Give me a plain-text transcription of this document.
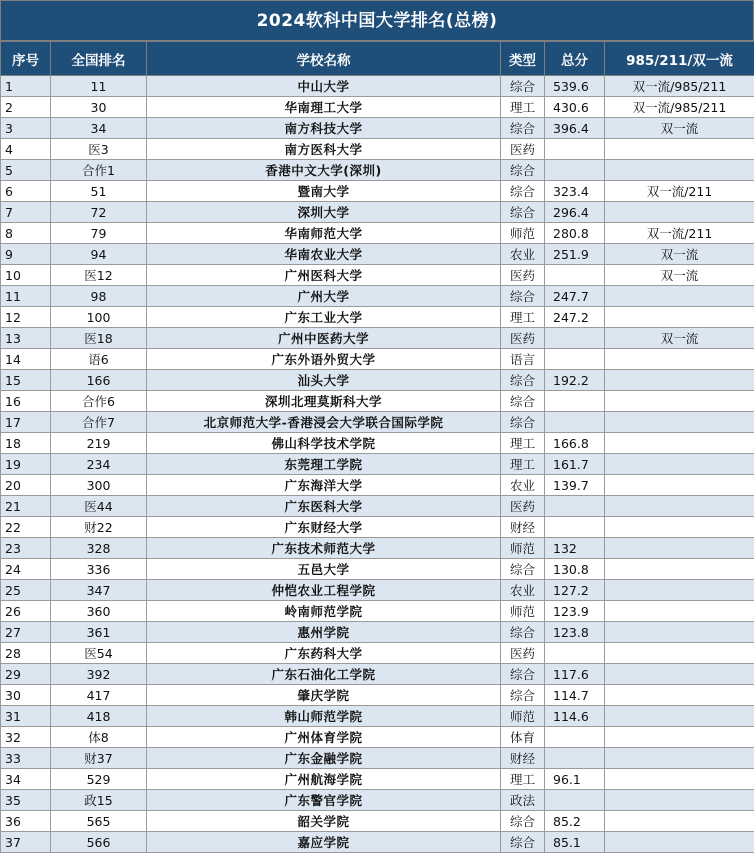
2024软科中国大学排名(总榜)
序号	全国排名	学校名称	类型	总分	985/211/双一流
1	11	中山大学	综合	539.6	双一流/985/211
2	30	华南理工大学	理工	430.6	双一流/985/211
3	34	南方科技大学	综合	396.4	双一流
4	医3	南方医科大学	医药		
5	合作1	香港中文大学(深圳)	综合		
6	51	暨南大学	综合	323.4	双一流/211
7	72	深圳大学	综合	296.4	
8	79	华南师范大学	师范	280.8	双一流/211
9	94	华南农业大学	农业	251.9	双一流
10	医12	广州医科大学	医药		双一流
11	98	广州大学	综合	247.7	
12	100	广东工业大学	理工	247.2	
13	医18	广州中医药大学	医药		双一流
14	语6	广东外语外贸大学	语言		
15	166	汕头大学	综合	192.2	
16	合作6	深圳北理莫斯科大学	综合		
17	合作7	北京师范大学-香港浸会大学联合国际学院	综合		
18	219	佛山科学技术学院	理工	166.8	
19	234	东莞理工学院	理工	161.7	
20	300	广东海洋大学	农业	139.7	
21	医44	广东医科大学	医药		
22	财22	广东财经大学	财经		
23	328	广东技术师范大学	师范	132	
24	336	五邑大学	综合	130.8	
25	347	仲恺农业工程学院	农业	127.2	
26	360	岭南师范学院	师范	123.9	
27	361	惠州学院	综合	123.8	
28	医54	广东药科大学	医药		
29	392	广东石油化工学院	综合	117.6	
30	417	肇庆学院	综合	114.7	
31	418	韩山师范学院	师范	114.6	
32	体8	广州体育学院	体育		
33	财37	广东金融学院	财经		
34	529	广州航海学院	理工	96.1	
35	政15	广东警官学院	政法		
36	565	韶关学院	综合	85.2	
37	566	嘉应学院	综合	85.1	
